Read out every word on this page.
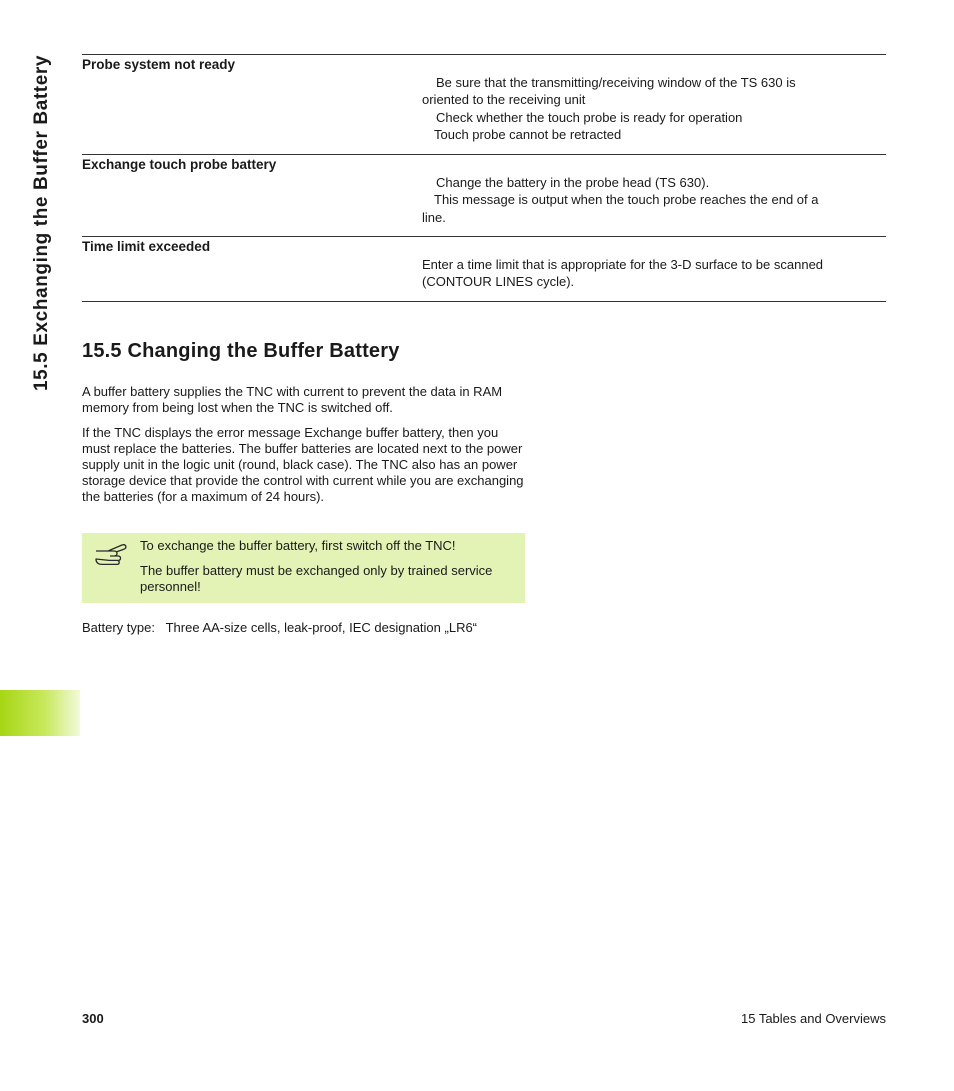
15.5 Exchanging the Buffer Battery Probe system not ready
Be sure that the transmitting/receiving window of the TS 630 is
oriented to the receiving unit
Check whether the touch probe is ready for operation
Touch probe cannot be retracted
Exchange touch probe battery
Change the battery in the probe head (TS 630).
This message is output when the touch probe reaches the end of a
line.
Time limit exceeded
Enter a time limit that is appropriate for the 3-D surface to be scanned
(CONTOUR LINES cycle).
15.5 Changing the Buffer Battery

A buffer battery supplies the TNC with current to prevent the data in RAM memory from being lost when the TNC is switched off.

If the TNC displays the error message Exchange buffer battery, then you must replace the batteries. The buffer batteries are located next to the power supply unit in the logic unit (round, black case). The TNC also has an power storage device that provide the control with current while you are exchanging the batteries (for a maximum of 24 hours).

To exchange the buffer battery, first switch off the TNC!

The buffer battery must be exchanged only by trained service personnel!

Battery type: Three AA-size cells, leak-proof, IEC designation „LR6“

300	15 Tables and Overviews
